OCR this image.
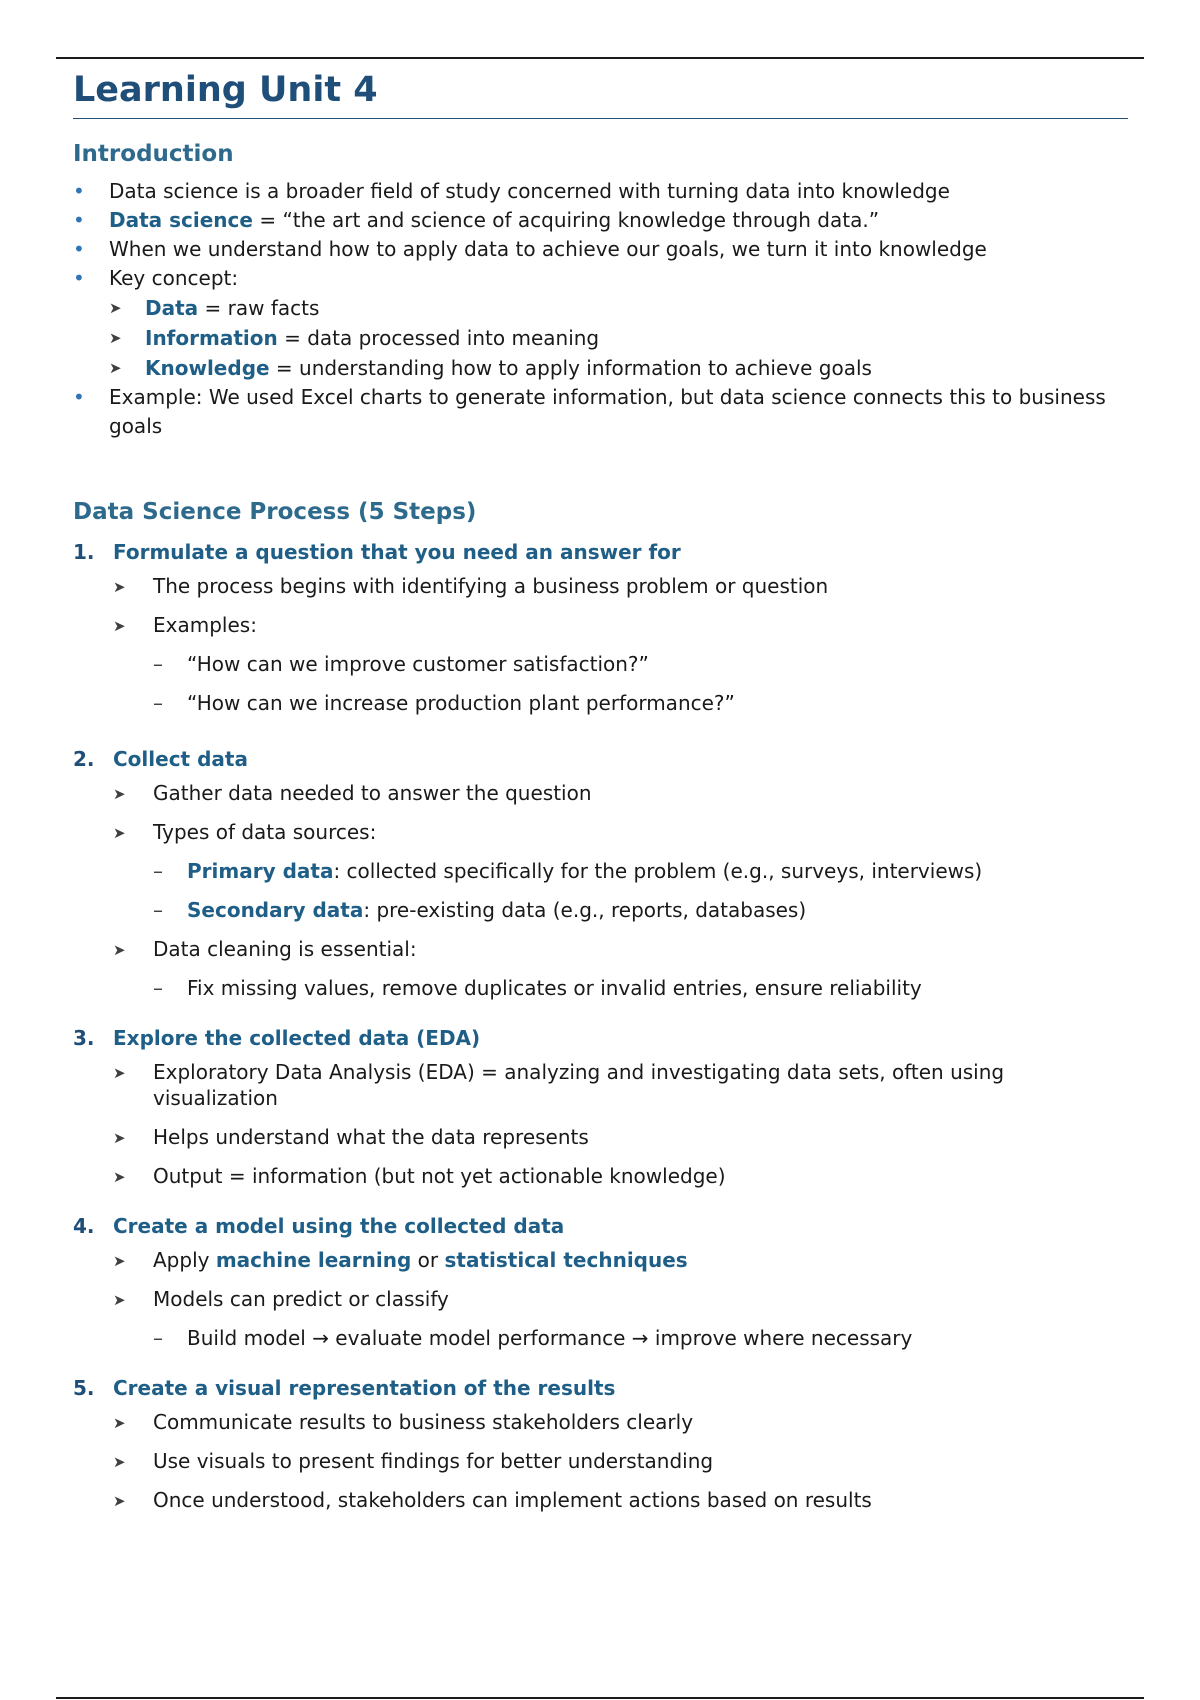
Learning Unit 4
Introduction
• Data science is a broader field of study concerned with turning data into knowledge
• Data science = “the art and science of acquiring knowledge through data.”
• When we understand how to apply data to achieve our goals, we turn it into knowledge
• Key concept:
➤ Data = raw facts
➤ Information = data processed into meaning
➤ Knowledge = understanding how to apply information to achieve goals
• Example: We used Excel charts to generate information, but data science connects this to business goals
Data Science Process (5 Steps)

1. Formulate a question that you need an answer for

➤ The process begins with identifying a business problem or question
➤ Examples:
– “How can we improve customer satisfaction?”
– “How can we increase production plant performance?”

2. Collect data

➤ Gather data needed to answer the question
➤ Types of data sources:
– Primary data: collected specifically for the problem (e.g., surveys, interviews)
– Secondary data: pre-existing data (e.g., reports, databases)
➤ Data cleaning is essential:
– Fix missing values, remove duplicates or invalid entries, ensure reliability

3. Explore the collected data (EDA)

➤ Exploratory Data Analysis (EDA) = analyzing and investigating data sets, often using visualization
➤ Helps understand what the data represents
➤ Output = information (but not yet actionable knowledge)

4. Create a model using the collected data

➤ Apply machine learning or statistical techniques
➤ Models can predict or classify
– Build model → evaluate model performance → improve where necessary

5. Create a visual representation of the results

➤ Communicate results to business stakeholders clearly
➤ Use visuals to present findings for better understanding
➤ Once understood, stakeholders can implement actions based on results
